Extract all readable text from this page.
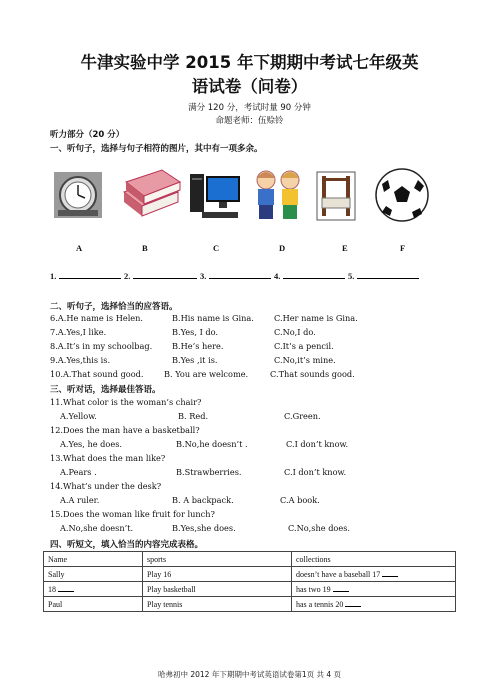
牛津实验中学 2015 年下期期中考试七年级英
语试卷（问卷）
满分 120 分，考试时量 90 分钟
命题老师：伍赊铃
听力部分（20 分）
一、听句子，选择与句子相符的图片，其中有一项多余。
A	B	C	D	E	F
1.	2.	3.	4.	5.
二、听句子，选择恰当的应答语。
6.A.He name is Helen.	B.His name is Gina. C.Her name is Gina.
7.A.Yes,I like.	B.Yes, I do.	C.No,I do.
8.A.It’s in my schoolbag. B.He’s here.	C.It’s a pencil.
9.A.Yes,this is.	B.Yes ,it is.	C.No,it’s mine.
10.A.That sound good. B. You are welcome.	C.That sounds good.
三、听对话，选择最佳答语。
11.What color is the woman’s chair?
A.Yellow.	B. Red.	C.Green.
12.Does the man have a basketball?
A.Yes, he does.	B.No,he doesn’t .	C.I don’t know.
13.What does the man like?
A.Pears .	B.Strawberries.	C.I don’t know.
14.What’s under the desk?
A.A ruler.	B. A backpack.	C.A book.
15.Does the woman like fruit for lunch?
A.No,she doesn’t.	B.Yes,she does.	C.No,she does.
四、听短文，填入恰当的内容完成表格。
Name	sports	collections
Sally	Play 16	doesn’t have a baseball 17
18	Play basketball	has two 19
Paul	Play tennis	has a tennis 20
哈弗初中 2012 年下期期中考试英语试卷第1页 共 4 页
